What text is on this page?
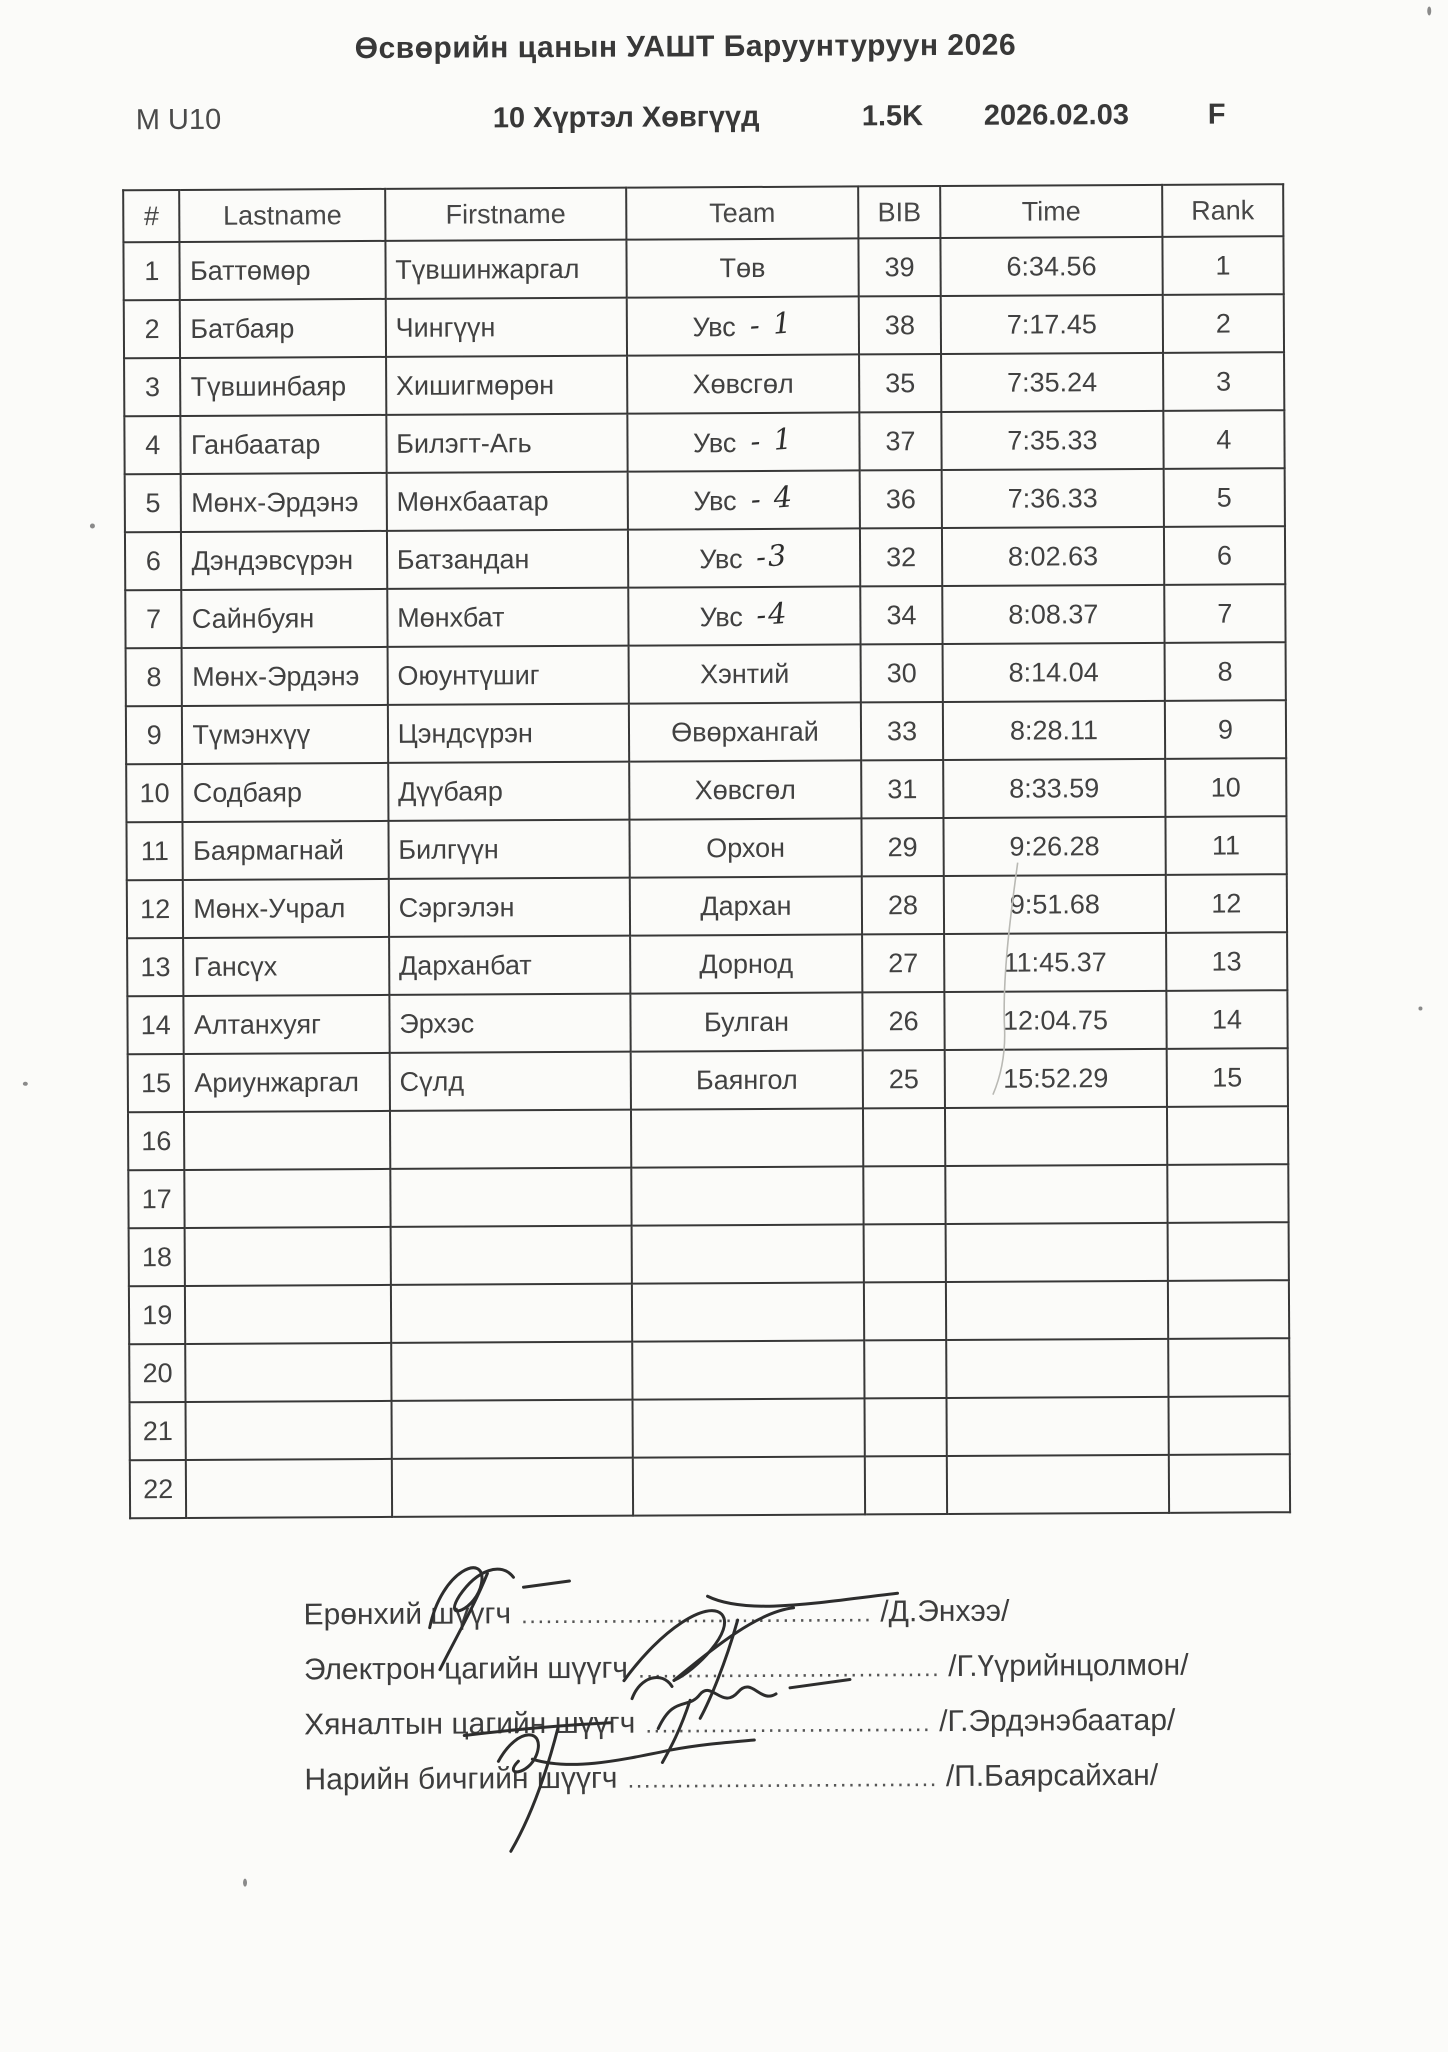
Өсвөрийн цанын УАШТ Баруунтуруун 2026
M U10	10 Хүртэл Хөвгүүд	1.5K 2026.02.03	F
#	Lastname	Firstname	Team	BIB	Time	Rank
1	Баттөмөр	Түвшинжаргал	Төв	39	6:34.56	1
2	Батбаяр	Чингүүн	Увс - 1	38	7:17.45	2
3	Түвшинбаяр	Хишигмөрөн	Хөвсгөл	35	7:35.24	3
4	Ганбаатар	Билэгт-Агь	Увс - 1	37	7:35.33	4
5	Мөнх-Эрдэнэ	Мөнхбаатар	Увс - 4	36	7:36.33	5
6	Дэндэвсүрэн	Батзандан	Увс -3	32	8:02.63	6
7	Сайнбуян	Мөнхбат	Увс -4	34	8:08.37	7
8	Мөнх-Эрдэнэ	Оюунтүшиг	Хэнтий	30	8:14.04	8
9	Түмэнхүү	Цэндсүрэн	Өвөрхангай	33	8:28.11	9
10	Содбаяр	Дүүбаяр	Хөвсгөл	31	8:33.59	10
11	Баярмагнай	Билгүүн	Орхон	29	9:26.28	11
12	Мөнх-Учрал	Сэргэлэн	Дархан	28	9:51.68	12
13	Гансүх	Дарханбат	Дорнод	27	11:45.37	13
14	Алтанхуяг	Эрхэс	Булган	26	12:04.75	14
15	Ариунжаргал	Сүлд	Баянгол	25	15:52.29	15
16						
17						
18						
19						
20						
21						
22						
Ерөнхий шүүгч ........................................... /Д.Энхээ/
Электрон цагийн шүүгч ..................................... /Г.Үүрийнцолмон/
Хяналтын цагийн шүүгч ................................... /Г.Эрдэнэбаатар/
Нарийн бичгийн шүүгч ...................................... /П.Баярсайхан/
